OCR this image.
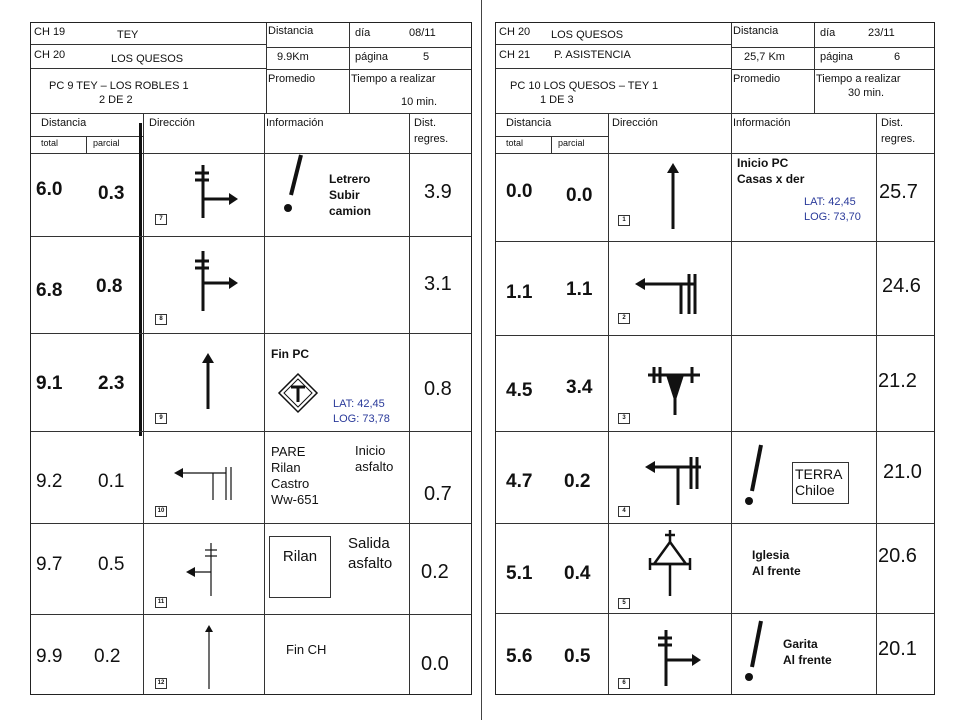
CH 19	TEY
CH 20	LOS QUESOS
PC 9 TEY – LOS ROBLES 1
2 DE 2
Distancia
9.9Km
día	08/11
página	5
Promedio	Tiempo a realizar
10 min.
Distancia
total	parcial
Dirección	Información	Dist.
regres.
6.0 0.3
Letrero
Subir
camion
3.9
7
6.8 0.8	3.1
8
9.1 2.3
Fin PC
LAT: 42,45
LOG: 73,78
0.8
9
9.2 0.1
PARE
Rilan
Castro
Ww-651
Inicio
asfalto
0.7
10
9.7 0.5	Rilan
Salida
asfalto 0.2
11
9.9 0.2	Fin CH
0.0
12
CH 20 LOS QUESOS
CH 21 P. ASISTENCIA
PC 10 LOS QUESOS – TEY 1
1 DE 3
Distancia
25,7 Km
día	23/11
página	6
Promedio	Tiempo a realizar
30 min.
Distancia
total	parcial
Dirección	Información	Dist.
regres.
0.0 0.0
Inicio PC
Casas x der
LAT: 42,45
LOG: 73,70
25.7
1
1.1 1.1	24.6
2
4.5 3.4	21.2
3
4.7 0.2	TERRA
Chiloe
21.0
4
5.1 0.4
Iglesia
Al frente
20.6
5
5.6 0.5
Garita
Al frente 20.1
6
